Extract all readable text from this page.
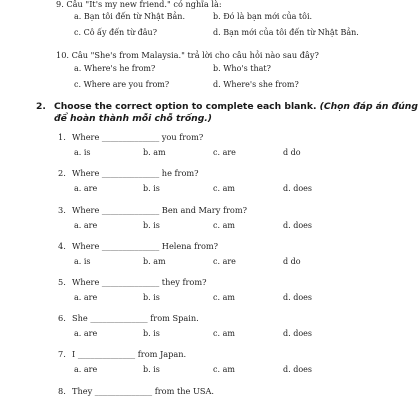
9. Câu "It's my new friend." có nghĩa là:
a. Bạn tôi đến từ Nhật Bản.	b. Đó là bạn mới của tôi.
c. Cô ấy đến từ đâu?	d. Bạn mới của tôi đến từ Nhật Bản.
10. Câu "She's from Malaysia." trả lời cho câu hỏi nào sau đây?
a. Where's he from?	b. Who's that?
c. Where are you from?	d. Where's she from?
2. Choose the correct option to complete each blank. (Chọn đáp án đúng
để hoàn thành mỗi chỗ trống.)
1. Where ______________ you from?
a. is	b. am	c. are	d do
2. Where ______________ he from?
a. are	b. is	c. am	d. does
3. Where ______________ Ben and Mary from?
a. are	b. is	c. am	d. does
4. Where ______________ Helena from?
a. is	b. am	c. are	d do
5. Where ______________ they from?
a. are	b. is	c. am	d. does
6. She ______________ from Spain.
a. are	b. is	c. am	d. does
7. I ______________ from Japan.
a. are	b. is	c. am	d. does
8. They ______________ from the USA.
